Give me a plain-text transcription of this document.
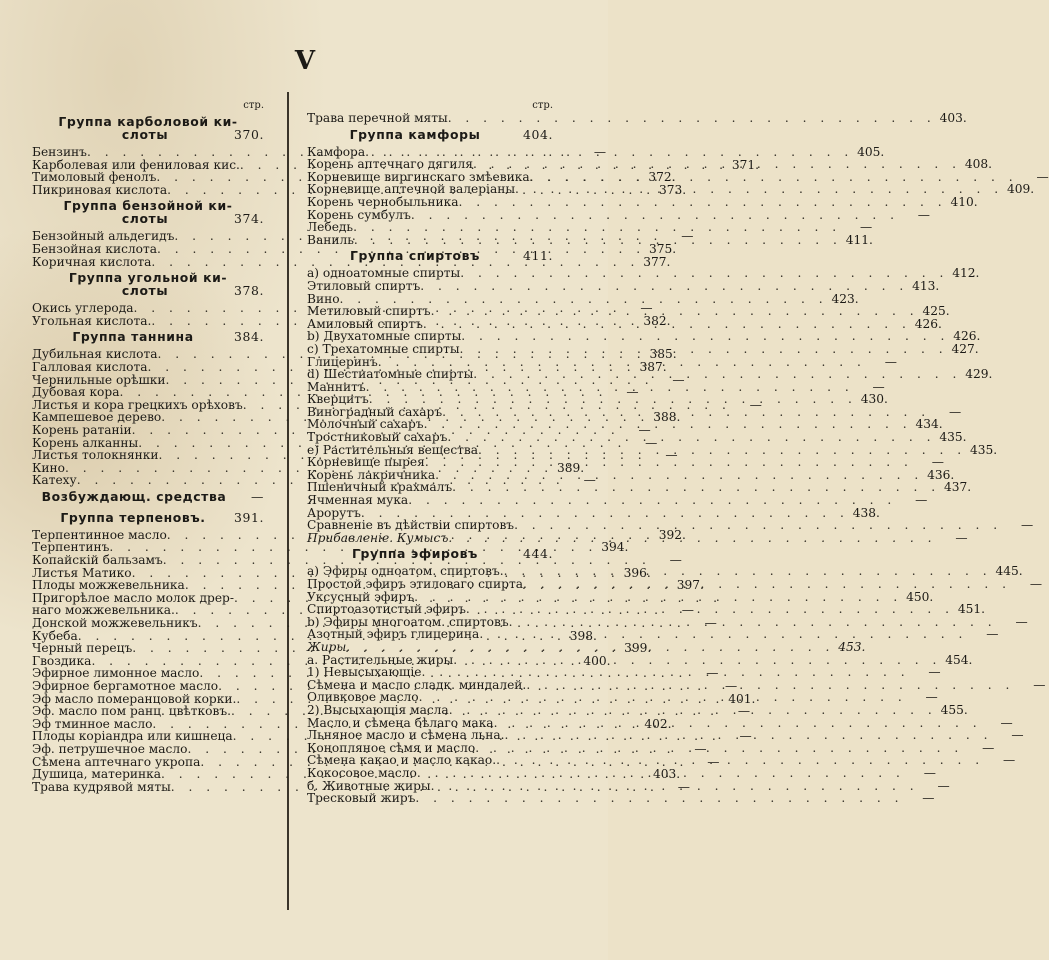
V
стр.
Группа карболовой ки-
слоты	370.
Бензинъ . . .	—
Карболевая или фениловая кис. . . .	371.
Тимоловый фенолъ . . .	372.
Пикриновая кислота . . .	373.
Группа бензойной ки-
слоты	374.
Бензойный альдегидъ . . .	—
Бензойная кислота . . .	375.
Коричная кислота . . .	377.
Группа угольной ки-
слоты	378.
Окись углерода . . .	—
Угольная кислота. . . .	382.
Группа таннина	384.
Дубильная кислота . . .	385.
Галловая кислота . . .	387.
Чернильные орѣшки . . .	—
Дубовая кора . . .	—
Листья и кора грецкихъ орѣховъ . . .	—
Кампешевое дерево . . .	388.
Корень ратаніи . . .	—
Корень алканны . . .	—
Листья толокнянки . . .	—
Кино . . .	389.
Катеху . . .	—
Возбуждающ. средства	—
Группа терпеновъ.	391.
Терпентинное масло . . .	392.
Терпентинъ . . .	394.
Копайскій бальзамъ . . .	—
Листья Матико . . .	396.
Плоды можжевельника . . .	397.
Пригорѣлое масло молок дреp-
. . .
наго можжевельника. . . .	—
Донской можжевельникъ . . .	—
Кубеба . . .	398.
Черный перецъ . . .	399.
Гвоздика . . .	400.
Эфирное лимонное масло . . .	—
Эфирное бергамотное масло . . .	—
Эф масло померанцовой корки. . . .	401.
Эф. масло пом ранц. цвѣтковъ. . . .	—
Эф тминное масло . . .	402.
Плоды коріандра или кишнеца . . .	—
Эф. петрушечное масло . . .	—
Сѣмена аптечнаго укропа . . .	—
Душица, материнка . . .	403.
Трава кудрявой мяты . . .	—
стр.
Трава перечной мяты . . .	403.
Группа камфоры	404.
Камфора . . .	405.
Корень аптечнаго дягиля . . .	408.
Корневище виргинскаго змѣевика . . .	—
Корневище аптечной валеріаны . . .	409.
Корень чернобыльника . . .	410.
Корень сумбулъ . . .	—
Лебедь . . .	—
Ваниль . . .	411.
Группа спиртовъ	411.
a) одноатомные спирты . . .	412.
Этиловый спиртъ . . .	413.
Вино . . .	423.
Метиловый спиртъ . . .	425.
Амиловый спиртъ . . .	426.
b) Двухатомные спирты . . .	426.
c) Трехатомные спирты . . .	427.
Глицеринъ . . .	—
d) Шестиатомные спирты . . .	429.
Маннитъ . . .	—
Кверцитъ . . .	430.
Виноградный сахаръ . . .	—
Молочный сахаръ . . .	434.
Тростниковый сахаръ . . .	435.
e) Растительныя вещества . . .	435.
Корневище пырея . . .	—
Корень лакричника . . .	436.
Пшеничный крахмалъ . . .	437.
Ячменная мука . . .	—
Арорутъ . . .	438.
Сравненіе въ дѣйствіи спиртовъ . . .	—
Прибавленіе. Кумысъ . . .	—
Группа эфировъ	444.
a) Эфиры одноатом. спиртовъ. . . .	445.
Простой эфиръ этиловаго спирта . . .	—
Уксусный эфиръ . . .	450.
Спиртоазотистый эфиръ . . .	451.
b) Эфиры многоатом. спиртовъ . . .	—
Азотный эфиръ глицерина . . .	—
Жиры . . .	453.
a. Растительные жиры . . .	454.
1) Невысыхающіе . . .	—
Сѣмена и масло сладк. миндалей. . . .	—
Оливковое масло . . .	—
2) Высыхающія масла . . .	455.
Масло и сѣмена бѣлаго мака . . .	—
Льняное масло и сѣмена льна. . . .	—
Конопляное сѣмя и масло . . .	—
Сѣмена какао и масло какао. . . .	—
Кокосовое масло . . .	—
б. Животные жиры . . .	—
Тресковый жиръ . . .	—
